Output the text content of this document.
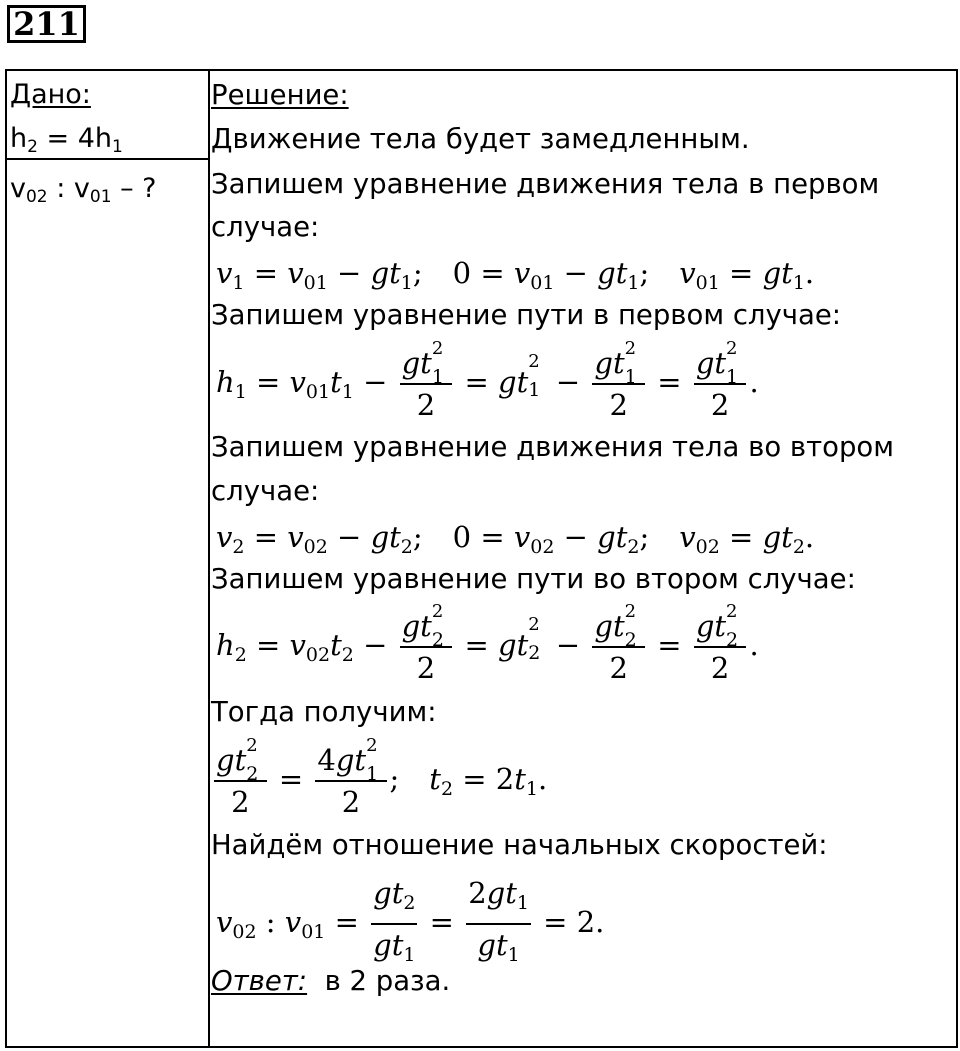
211
Дано:
$h_2 = 4h_1$
$v_{02}$ : $v_{01}$ – ?
Решение:
Движение тела будет замедленным.
Запишем уравнение движения тела в первом
случае:
$v_1 = v_{01} - gt_1$; $0 = v_{01} - gt_1$; $v_{01} = gt_1$.
Запишем уравнение пути в первом случае:
$h_1 = v_{01}t_1$ − gt 2
1

2 = gt
2
1 − gt 2
1

2 = gt 2
1

2 .
Запишем уравнение движения тела во втором
случае:
$v_2 = v_{02} - gt_2$; $0 = v_{02} - gt_2$; $v_{02} = gt_2$.
Запишем уравнение пути во втором случае:
$h_2 = v_{02}t_2$ − gt 2
2

2 = gt
2
2 − gt 2
2

2 = gt 2
2

2 .
Тогда получим:
gt 2
2

2 = 4gt 2
1

2 ; $t_2 = 2t_1$.
Найдём отношение начальных скоростей:
$v_{02}$ : $v_{01} = \frac{gt_2}{gt_1} = \frac{2gt_1}{gt_1} = 2$.
Ответ: в 2 раза.
